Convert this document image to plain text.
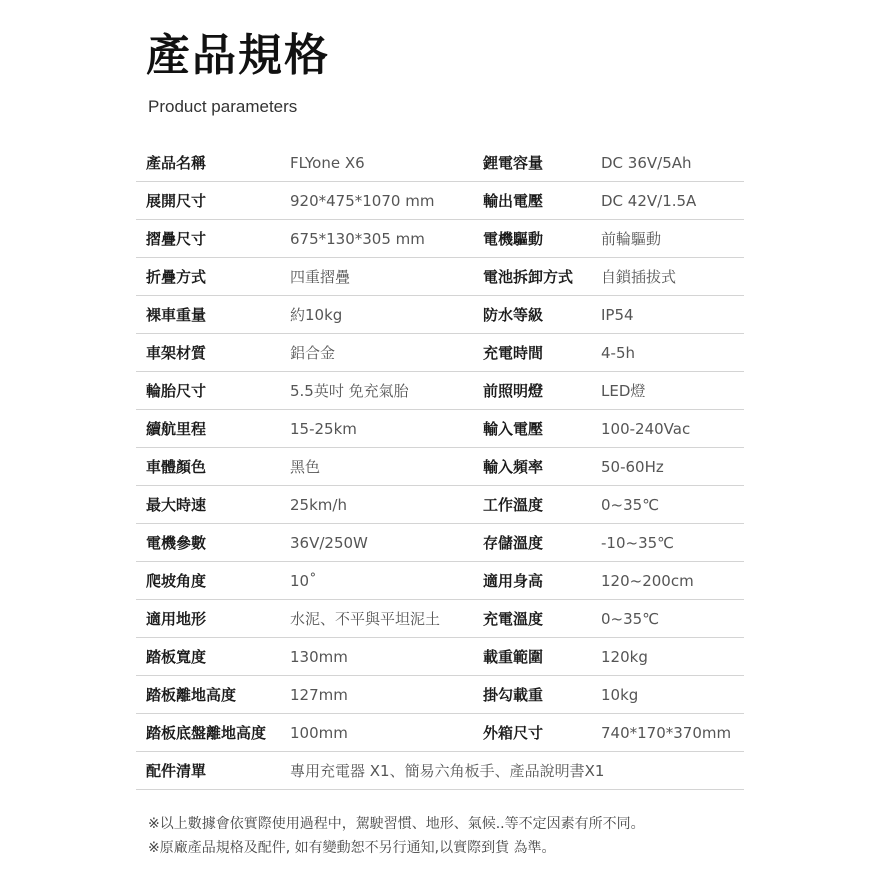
產品規格
Product parameters
產品名稱	FLYone X6	鋰電容量	DC 36V/5Ah
展開尺寸	920*475*1070 mm	輸出電壓	DC 42V/1.5A
摺疊尺寸	675*130*305 mm	電機驅動	前輪驅動
折疊方式	四重摺疊	電池拆卸方式 自鎖插拔式
裸車重量	約10kg	防水等級	IP54
車架材質	鋁合金	充電時間	4-5h
輪胎尺寸	5.5英吋 免充氣胎	前照明燈	LED燈
續航里程	15-25km	輸入電壓	100-240Vac
車體顏色	黑色	輸入頻率	50-60Hz
最大時速	25km/h	工作溫度	0~35℃
電機參數	36V/250W	存儲溫度	-10~35℃
爬坡角度	10˚	適用身高	120~200cm
適用地形	水泥、不平與平坦泥土	充電溫度	0~35℃
踏板寬度	130mm	載重範圍	120kg
踏板離地高度	127mm	掛勾載重	10kg
踏板底盤離地高度 100mm	外箱尺寸	740*170*370mm
配件清單	專用充電器 X1、簡易六角板手、產品說明書X1
※以上數據會依實際使用過程中，駕駛習慣、地形、氣候..等不定因素有所不同。
※原廠產品規格及配件, 如有變動恕不另行通知,以實際到貨 為準。
